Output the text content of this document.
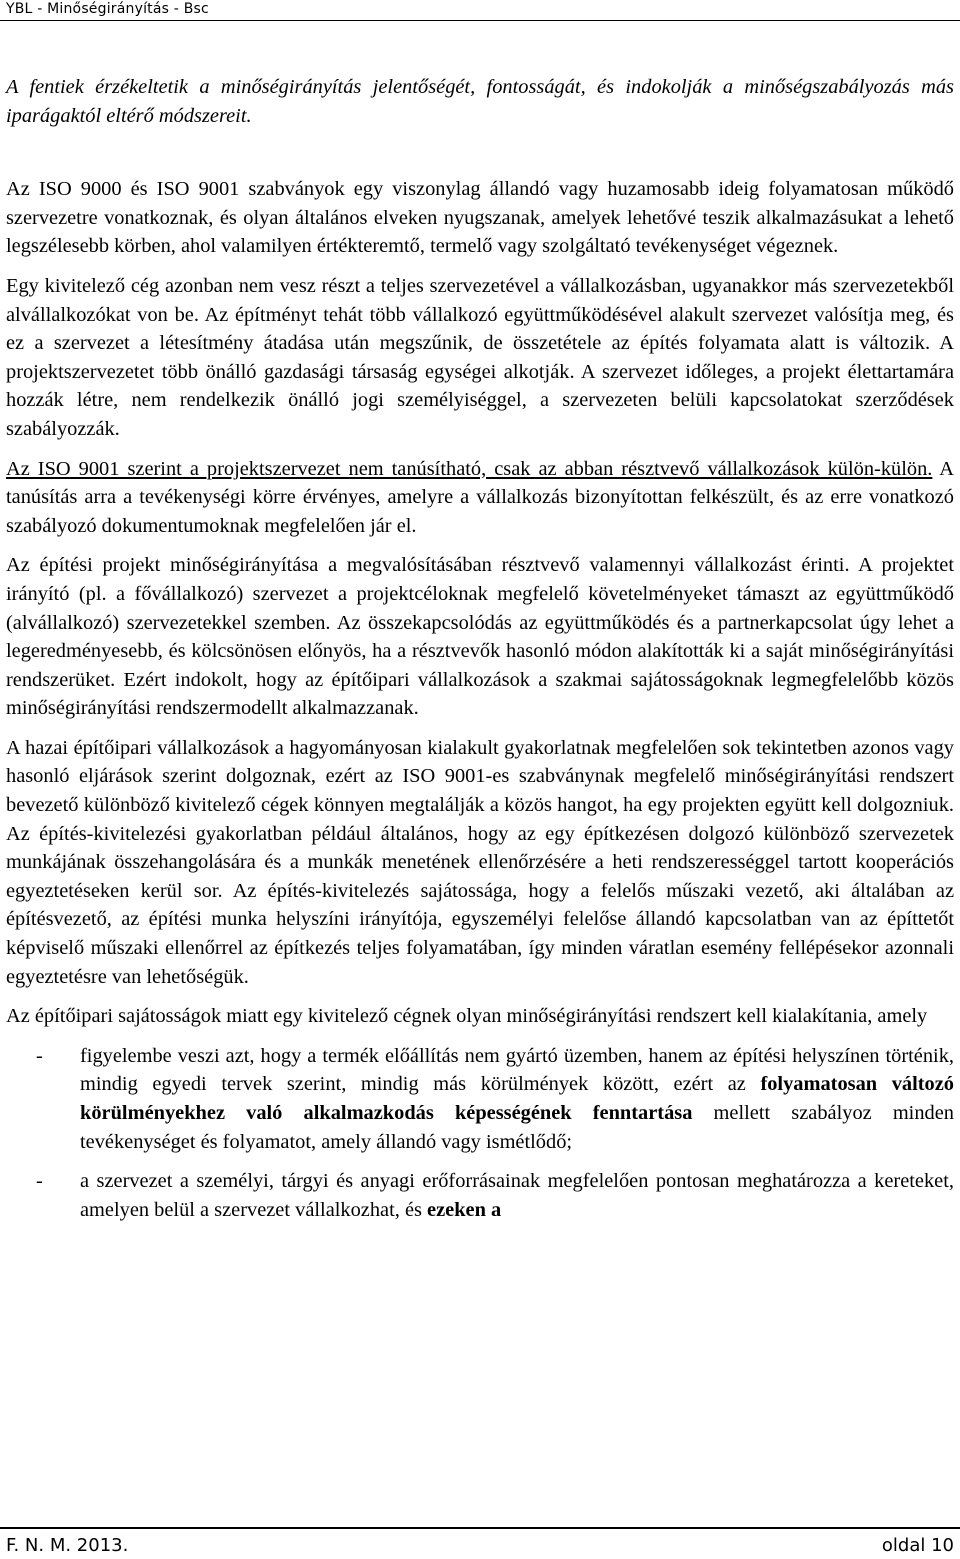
YBL - Minőségirányítás - Bsc

A fentiek érzékeltetik a minőségirányítás jelentőségét, fontosságát, és indokolják a minőségszabályozás más iparágaktól eltérő módszereit.

Az ISO 9000 és ISO 9001 szabványok egy viszonylag állandó vagy huzamosabb ideig folyamatosan működő szervezetre vonatkoznak, és olyan általános elveken nyugszanak, amelyek lehetővé teszik alkalmazásukat a lehető legszélesebb körben, ahol valamilyen értékteremtő, termelő vagy szolgáltató tevékenységet végeznek.

Egy kivitelező cég azonban nem vesz részt a teljes szervezetével a vállalkozásban, ugyanakkor más szervezetekből alvállalkozókat von be. Az építményt tehát több vállalkozó együttműködésével alakult szervezet valósítja meg, és ez a szervezet a létesítmény átadása után megszűnik, de összetétele az építés folyamata alatt is változik. A projektszervezetet több önálló gazdasági társaság egységei alkotják. A szervezet időleges, a projekt élettartamára hozzák létre, nem rendelkezik önálló jogi személyiséggel, a szervezeten belüli kapcsolatokat szerződések szabályozzák.

Az ISO 9001 szerint a projektszervezet nem tanúsítható, csak az abban résztvevő vállalkozások külön-külön. A tanúsítás arra a tevékenységi körre érvényes, amelyre a vállalkozás bizonyítottan felkészült, és az erre vonatkozó szabályozó dokumentumoknak megfelelően jár el.

Az építési projekt minőségirányítása a megvalósításában résztvevő valamennyi vállalkozást érinti. A projektet irányító (pl. a fővállalkozó) szervezet a projektcéloknak megfelelő követelményeket támaszt az együttműködő (alvállalkozó) szervezetekkel szemben. Az összekapcsolódás az együttműködés és a partnerkapcsolat úgy lehet a legeredményesebb, és kölcsönösen előnyös, ha a résztvevők hasonló módon alakították ki a saját minőségirányítási rendszerüket. Ezért indokolt, hogy az építőipari vállalkozások a szakmai sajátosságoknak legmegfelelőbb közös minőségirányítási rendszermodellt alkalmazzanak.

A hazai építőipari vállalkozások a hagyományosan kialakult gyakorlatnak megfelelően sok tekintetben azonos vagy hasonló eljárások szerint dolgoznak, ezért az ISO 9001-es szabványnak megfelelő minőségirányítási rendszert bevezető különböző kivitelező cégek könnyen megtalálják a közös hangot, ha egy projekten együtt kell dolgozniuk. Az építés-kivitelezési gyakorlatban például általános, hogy az egy építkezésen dolgozó különböző szervezetek munkájának összehangolására és a munkák menetének ellenőrzésére a heti rendszerességgel tartott kooperációs egyeztetéseken kerül sor. Az építés-kivitelezés sajátossága, hogy a felelős műszaki vezető, aki általában az építésvezető, az építési munka helyszíni irányítója, egyszemélyi felelőse állandó kapcsolatban van az építtetőt képviselő műszaki ellenőrrel az építkezés teljes folyamatában, így minden váratlan esemény fellépésekor azonnali egyeztetésre van lehetőségük.

Az építőipari sajátosságok miatt egy kivitelező cégnek olyan minőségirányítási rendszert kell kialakítania, amely

- figyelembe veszi azt, hogy a termék előállítás nem gyártó üzemben, hanem az építési helyszínen történik, mindig egyedi tervek szerint, mindig más körülmények között, ezért az folyamatosan változó körülményekhez való alkalmazkodás képességének fenntartása mellett szabályoz minden tevékenységet és folyamatot, amely állandó vagy ismétlődő;
- a szervezet a személyi, tárgyi és anyagi erőforrásainak megfelelően pontosan meghatározza a kereteket, amelyen belül a szervezet vállalkozhat, és ezeken a
F. N. M. 2013.	oldal 10
